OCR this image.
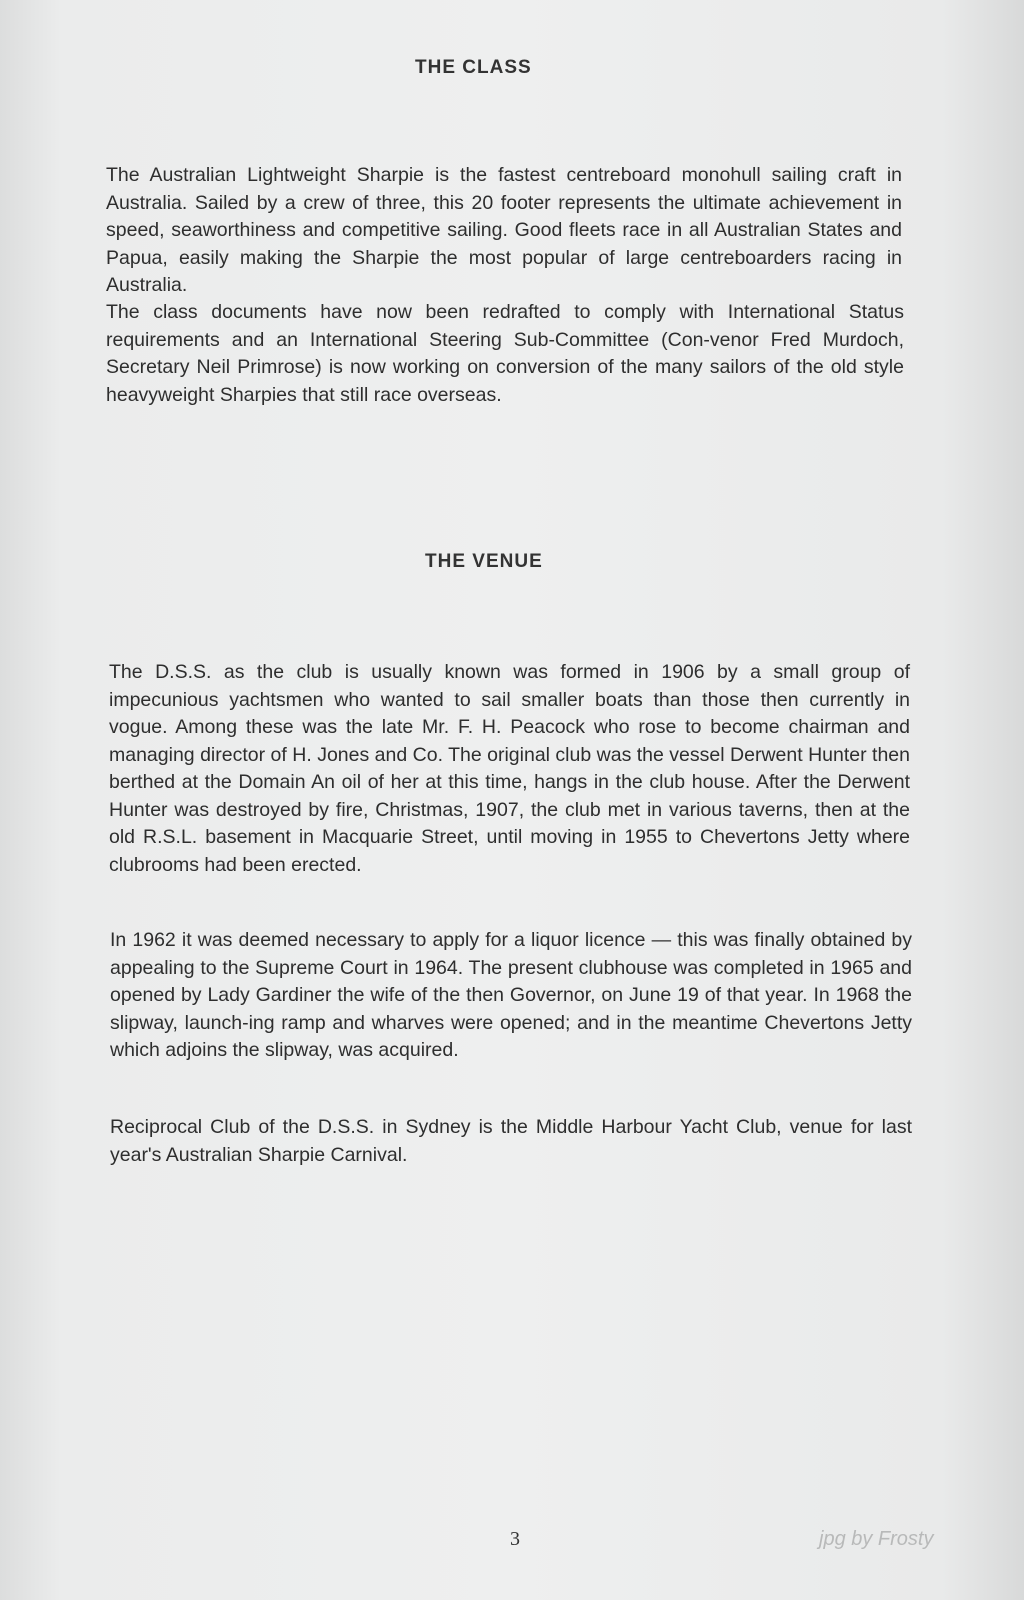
THE CLASS

The Australian Lightweight Sharpie is the fastest centreboard monohull sailing craft in Australia. Sailed by a crew of three, this 20 footer represents the ultimate achievement in speed, seaworthiness and competitive sailing. Good fleets race in all Australian States and Papua, easily making the Sharpie the most popular of large centreboarders racing in Australia.

The class documents have now been redrafted to comply with International Status requirements and an International Steering Sub-Committee (Con-venor Fred Murdoch, Secretary Neil Primrose) is now working on conversion of the many sailors of the old style heavyweight Sharpies that still race overseas.

THE VENUE

The D.S.S. as the club is usually known was formed in 1906 by a small group of impecunious yachtsmen who wanted to sail smaller boats than those then currently in vogue. Among these was the late Mr. F. H. Peacock who rose to become chairman and managing director of H. Jones and Co. The original club was the vessel Derwent Hunter then berthed at the Domain An oil of her at this time, hangs in the club house. After the Derwent Hunter was destroyed by fire, Christmas, 1907, the club met in various taverns, then at the old R.S.L. basement in Macquarie Street, until moving in 1955 to Chevertons Jetty where clubrooms had been erected.

In 1962 it was deemed necessary to apply for a liquor licence — this was finally obtained by appealing to the Supreme Court in 1964. The present clubhouse was completed in 1965 and opened by Lady Gardiner the wife of the then Governor, on June 19 of that year. In 1968 the slipway, launch-ing ramp and wharves were opened; and in the meantime Chevertons Jetty which adjoins the slipway, was acquired.

Reciprocal Club of the D.S.S. in Sydney is the Middle Harbour Yacht Club, venue for last year's Australian Sharpie Carnival.

3	jpg by Frosty
